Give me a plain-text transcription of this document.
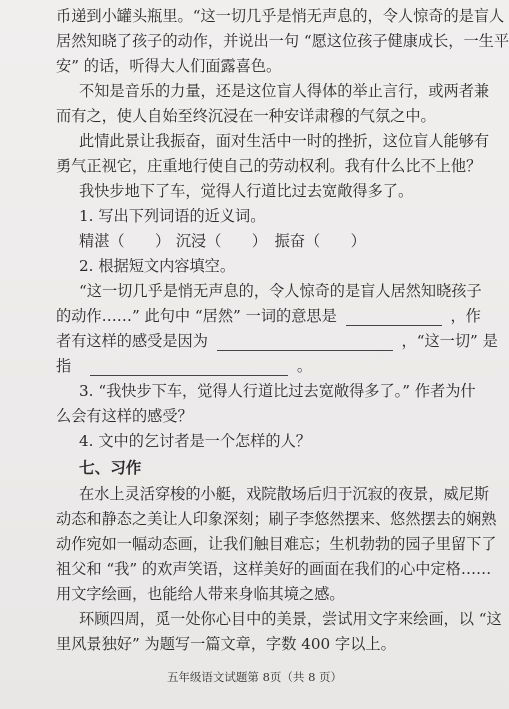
币递到小罐头瓶里。“这一切几乎是悄无声息的，令人惊奇的是盲人
居然知晓了孩子的动作，并说出一句 “愿这位孩子健康成长，一生平
安” 的话，听得大人们面露喜色。
不知是音乐的力量，还是这位盲人得体的举止言行，或两者兼
而有之，使人自始至终沉浸在一种安详肃穆的气氛之中。
此情此景让我振奋，面对生活中一时的挫折，这位盲人能够有
勇气正视它，庄重地行使自己的劳动权利。我有什么比不上他？
我快步地下了车，觉得人行道比过去宽敞得多了。
1. 写出下列词语的近义词。
精湛（　　） 沉浸（　　） 振奋（　　）
2. 根据短文内容填空。
“这一切几乎是悄无声息的，令人惊奇的是盲人居然知晓孩子
的动作……” 此句中 “居然” 一词的意思是	，作
者有这样的感受是因为	，“这一切” 是
指	。
3. “我快步下车，觉得人行道比过去宽敞得多了。” 作者为什
么会有这样的感受？
4. 文中的乞讨者是一个怎样的人？
七、习作
在水上灵活穿梭的小艇，戏院散场后归于沉寂的夜景，威尼斯
动态和静态之美让人印象深刻；刷子李悠然摆来、悠然摆去的娴熟
动作宛如一幅动态画，让我们触目难忘；生机勃勃的园子里留下了
祖父和 “我” 的欢声笑语，这样美好的画面在我们的心中定格……
用文字绘画，也能给人带来身临其境之感。
环顾四周，觅一处你心目中的美景，尝试用文字来绘画，以 “这
里风景独好” 为题写一篇文章，字数 400 字以上。
五年级语文试题第 8页（共 8 页）
